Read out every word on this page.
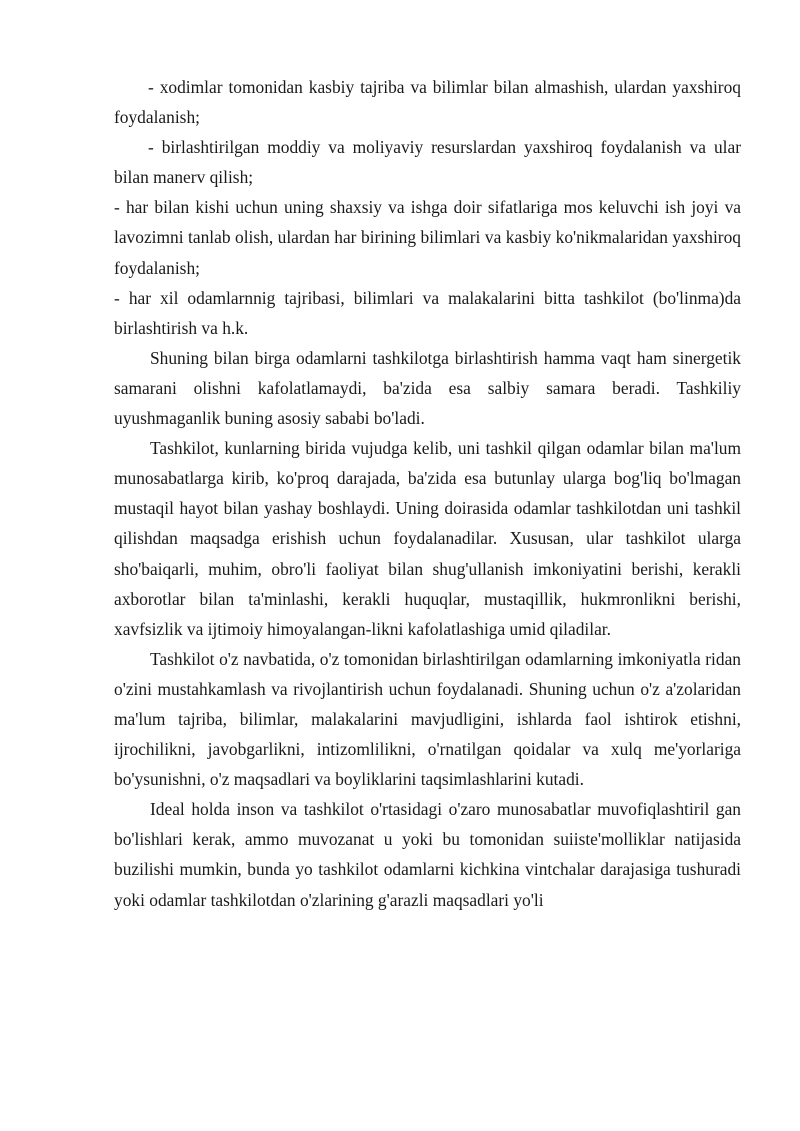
- xodimlar tomonidan kasbiy tajriba va bilimlar bilan almashish, ulardan yaxshiroq foydalanish;

- birlashtirilgan moddiy va moliyaviy resurslardan yaxshiroq foydalanish va ular bilan manerv qilish;

- har bilan kishi uchun uning shaxsiy va ishga doir sifatlariga mos keluvchi ish joyi va lavozimni tanlab olish, ulardan har birining bilimlari va kasbiy ko'nikmalaridan yaxshiroq foydalanish;

- har xil odamlarnnig tajribasi, bilimlari va malakalarini bitta tashkilot (bo'linma)da birlashtirish va h.k.

Shuning bilan birga odamlarni tashkilotga birlashtirish hamma vaqt ham sinergetik samarani olishni kafolatlamaydi, ba'zida esa salbiy samara beradi. Tashkiliy uyushmaganlik buning asosiy sababi bo'ladi.

Tashkilot, kunlarning birida vujudga kelib, uni tashkil qilgan odamlar bilan ma'lum munosabatlarga kirib, ko'proq darajada, ba'zida esa butunlay ularga bog'liq bo'lmagan mustaqil hayot bilan yashay boshlaydi. Uning doirasida odamlar tashkilotdan uni tashkil qilishdan maqsadga erishish uchun foydalanadilar. Xususan, ular tashkilot ularga sho'baiqarli, muhim, obro'li faoliyat bilan shug'ullanish imkoniyatini berishi, kerakli axborotlar bilan ta'minlashi, kerakli huquqlar, mustaqillik, hukmronlikni berishi, xavfsizlik va ijtimoiy himoyalangan-likni kafolatlashiga umid qiladilar.

Tashkilot o'z navbatida, o'z tomonidan birlashtirilgan odamlarning imkoniyatla ridan o'zini mustahkamlash va rivojlantirish uchun foydalanadi. Shuning uchun o'z a'zolaridan ma'lum tajriba, bilimlar, malakalarini mavjudligini, ishlarda faol ishtirok etishni, ijrochilikni, javobgarlikni, intizomlilikni, o'rnatilgan qoidalar va xulq me'yorlariga bo'ysunishni, o'z maqsadlari va boyliklarini taqsimlashlarini kutadi.

Ideal holda inson va tashkilot o'rtasidagi o'zaro munosabatlar muvofiqlashtiril gan bo'lishlari kerak, ammo muvozanat u yoki bu tomonidan suiiste'molliklar natijasida buzilishi mumkin, bunda yo tashkilot odamlarni kichkina vintchalar darajasiga tushuradi yoki odamlar tashkilotdan o'zlarining g'arazli maqsadlari yo'li
